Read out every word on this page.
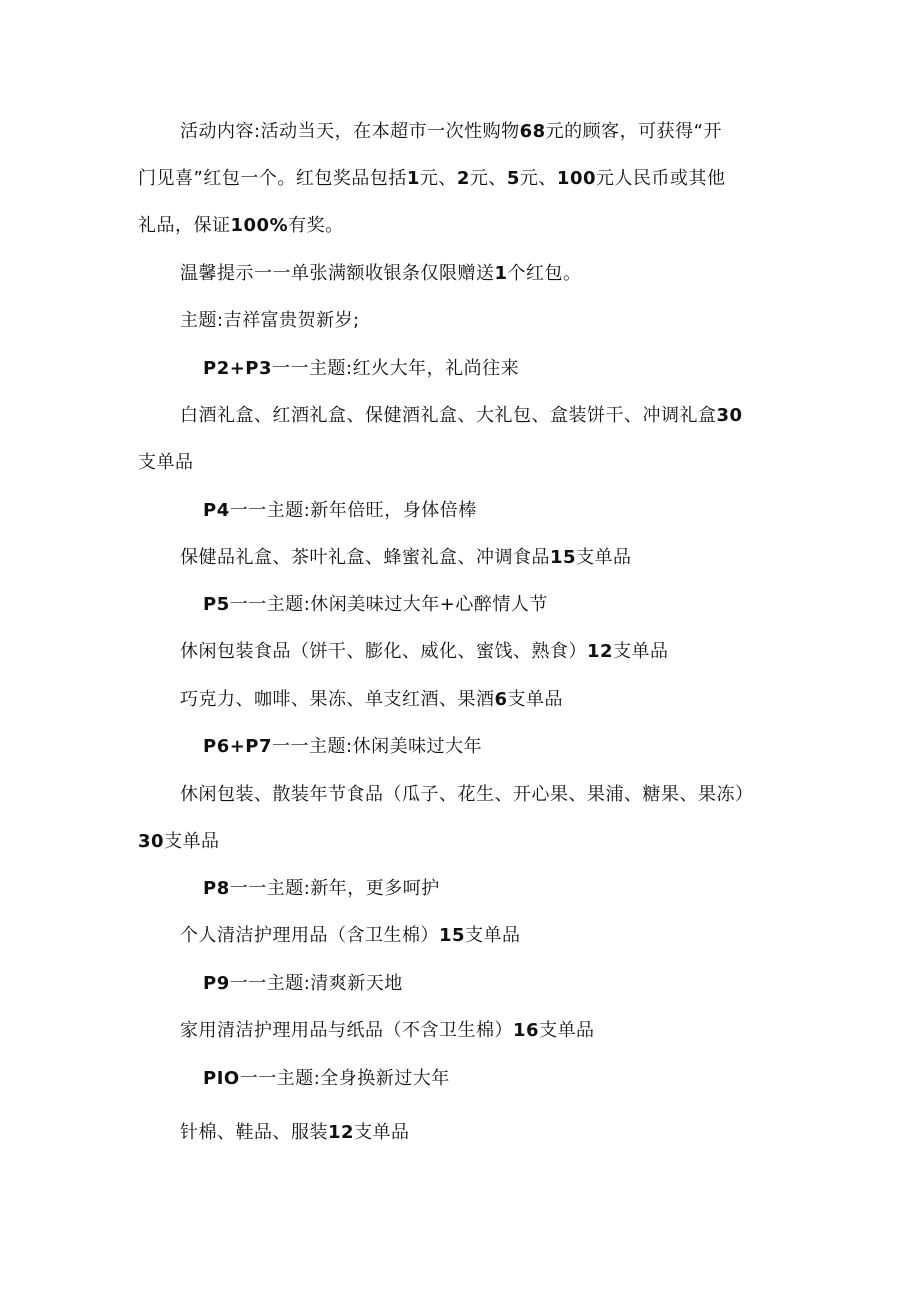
活动内容:活动当天，在本超市一次性购物68元的顾客，可获得“开
门见喜”红包一个。红包奖品包括1元、2元、5元、100元人民币或其他
礼品，保证100%有奖。
温馨提示一一单张满额收银条仅限赠送1个红包。
主题:吉祥富贵贺新岁;
P2+P3一一主题:红火大年，礼尚往来
白酒礼盒、红酒礼盒、保健酒礼盒、大礼包、盒装饼干、冲调礼盒30
支单品
P4一一主题:新年倍旺，身体倍棒
保健品礼盒、茶叶礼盒、蜂蜜礼盒、冲调食品15支单品
P5一一主题:休闲美味过大年+心醉情人节
休闲包装食品（饼干、膨化、威化、蜜饯、熟食）12支单品
巧克力、咖啡、果冻、单支红酒、果酒6支单品
P6+P7一一主题:休闲美味过大年
休闲包装、散装年节食品（瓜子、花生、开心果、果浦、糖果、果冻）
30支单品
P8一一主题:新年，更多呵护
个人清洁护理用品（含卫生棉）15支单品
P9一一主题:清爽新天地
家用清洁护理用品与纸品（不含卫生棉）16支单品
PIO一一主题:全身换新过大年
针棉、鞋品、服装12支单品
